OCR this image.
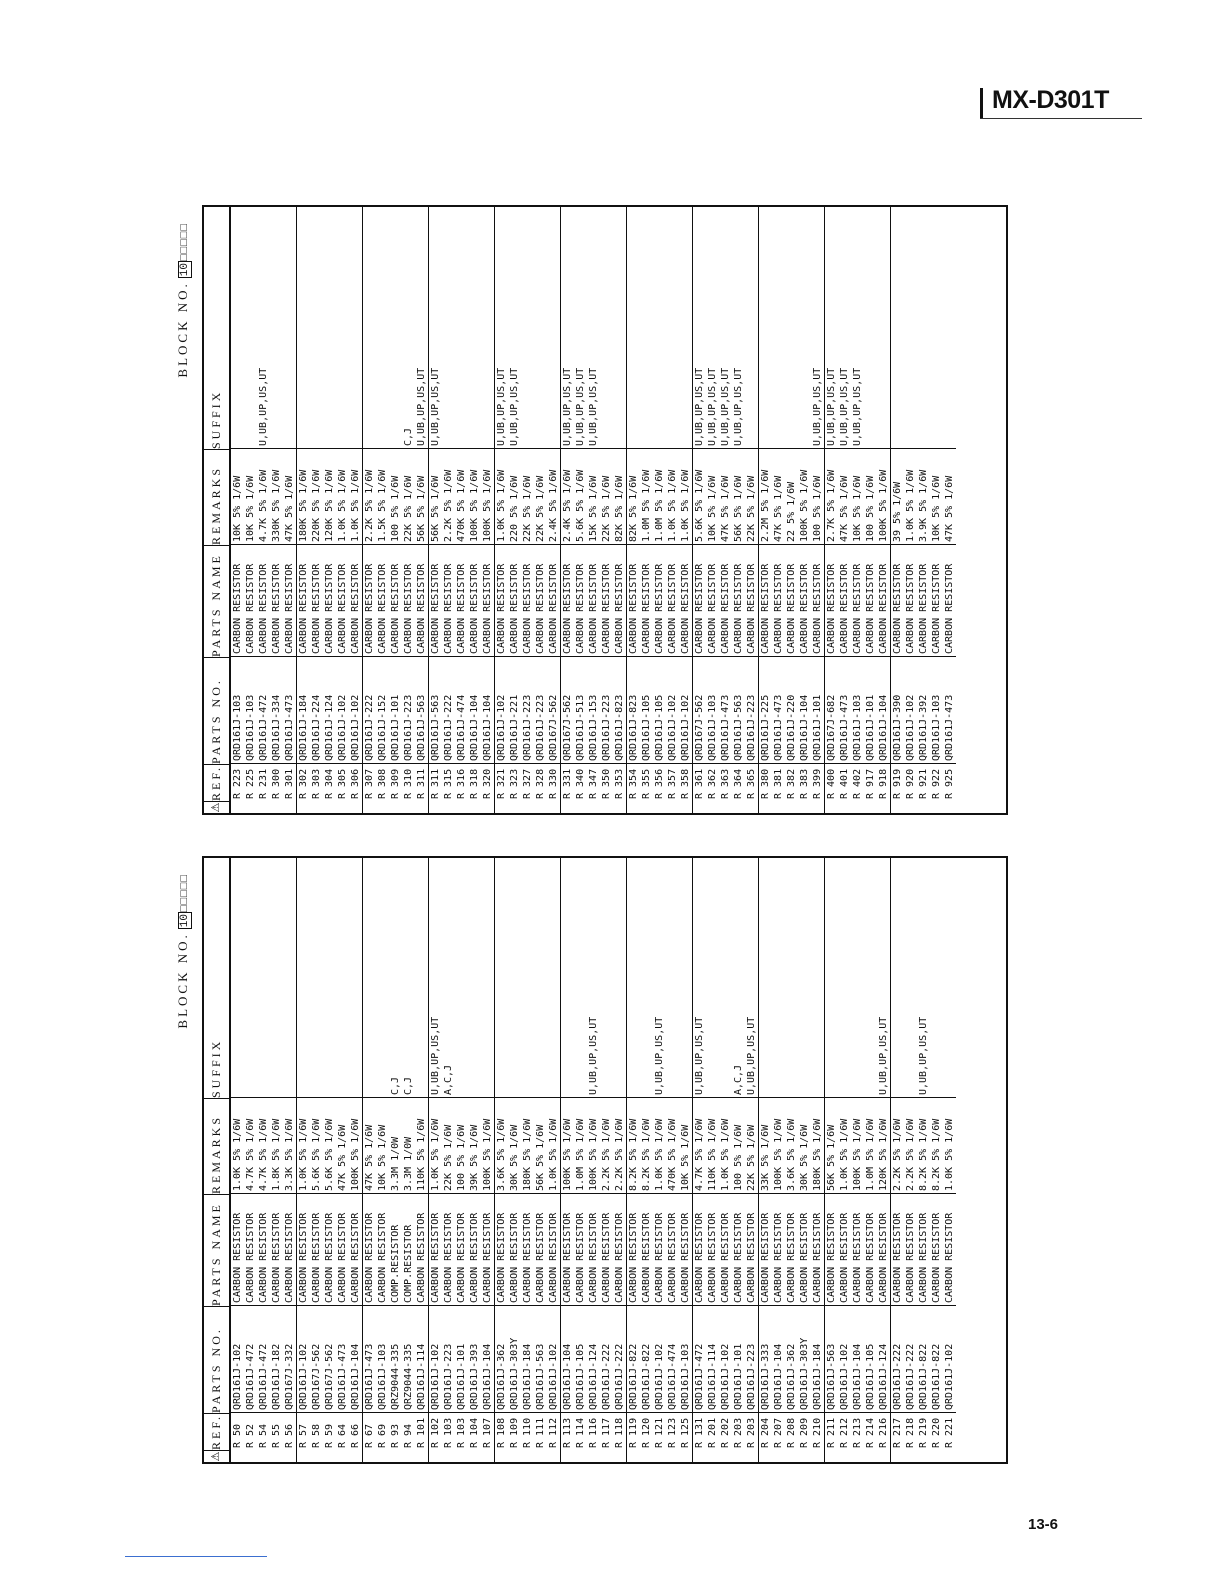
MX-D301T
BLOCK NO.10□□□□□
⚠
REF.
PARTS NO.
PARTS NAME
REMARKS
SUFFIX
R 50
QRD161J-102
CARBON RESISTOR
1.0K 5% 1/6W
R 52
QRD161J-472
CARBON RESISTOR
4.7K 5% 1/6W
R 54
QRD161J-472
CARBON RESISTOR
4.7K 5% 1/6W
R 55
QRD161J-182
CARBON RESISTOR
1.8K 5% 1/6W
R 56
QRD167J-332
CARBON RESISTOR
3.3K 5% 1/6W
R 57
QRD161J-102
CARBON RESISTOR
1.0K 5% 1/6W
R 58
QRD167J-562
CARBON RESISTOR
5.6K 5% 1/6W
R 59
QRD167J-562
CARBON RESISTOR
5.6K 5% 1/6W
R 64
QRD161J-473
CARBON RESISTOR
47K 5% 1/6W
R 66
QRD161J-104
CARBON RESISTOR
100K 5% 1/6W
R 67
QRD161J-473
CARBON RESISTOR
47K 5% 1/6W
R 69
QRD161J-103
CARBON RESISTOR
10K 5% 1/6W
R 93
QRZ9044-335
COMP.RESISTOR
3.3M 1/0W
C,J
R 94
QRZ9044-335
COMP.RESISTOR
3.3M 1/0W
C,J
R 101
QRD161J-114
CARBON RESISTOR
110K 5% 1/6W
R 102
QRD161J-102
CARBON RESISTOR
1.0K 5% 1/6W
U,UB,UP,US,UT
R 103
QRD161J-223
CARBON RESISTOR
22K 5% 1/6W
A,C,J
R 103
QRD161J-101
CARBON RESISTOR
100 5% 1/6W
R 104
QRD161J-393
CARBON RESISTOR
39K 5% 1/6W
R 107
QRD161J-104
CARBON RESISTOR
100K 5% 1/6W
R 108
QRD161J-362
CARBON RESISTOR
3.6K 5% 1/6W
R 109
QRD161J-303Y
CARBON RESISTOR
30K 5% 1/6W
R 110
QRD161J-184
CARBON RESISTOR
180K 5% 1/6W
R 111
QRD161J-563
CARBON RESISTOR
56K 5% 1/6W
R 112
QRD161J-102
CARBON RESISTOR
1.0K 5% 1/6W
R 113
QRD161J-104
CARBON RESISTOR
100K 5% 1/6W
R 114
QRD161J-105
CARBON RESISTOR
1.0M 5% 1/6W
R 116
QRD161J-124
CARBON RESISTOR
100K 5% 1/6W
U,UB,UP,US,UT
R 117
QRD161J-222
CARBON RESISTOR
2.2K 5% 1/6W
R 118
QRD161J-222
CARBON RESISTOR
2.2K 5% 1/6W
R 119
QRD161J-822
CARBON RESISTOR
8.2K 5% 1/6W
R 120
QRD161J-822
CARBON RESISTOR
8.2K 5% 1/6W
R 121
QRD161J-102
CARBON RESISTOR
1.0K 5% 1/6W
U,UB,UP,US,UT
R 123
QRD161J-474
CARBON RESISTOR
470K 5% 1/6W
R 125
QRD161J-103
CARBON RESISTOR
10K 5% 1/6W
R 131
QRD161J-472
CARBON RESISTOR
4.7K 5% 1/6W
U,UB,UP,US,UT
R 201
QRD161J-114
CARBON RESISTOR
110K 5% 1/6W
R 202
QRD161J-102
CARBON RESISTOR
1.0K 5% 1/6W
R 203
QRD161J-101
CARBON RESISTOR
100 5% 1/6W
A,C,J
R 203
QRD161J-223
CARBON RESISTOR
22K 5% 1/6W
U,UB,UP,US,UT
R 204
QRD161J-333
CARBON RESISTOR
33K 5% 1/6W
R 207
QRD161J-104
CARBON RESISTOR
100K 5% 1/6W
R 208
QRD161J-362
CARBON RESISTOR
3.6K 5% 1/6W
R 209
QRD161J-303Y
CARBON RESISTOR
30K 5% 1/6W
R 210
QRD161J-184
CARBON RESISTOR
180K 5% 1/6W
R 211
QRD161J-563
CARBON RESISTOR
56K 5% 1/6W
R 212
QRD161J-102
CARBON RESISTOR
1.0K 5% 1/6W
R 213
QRD161J-104
CARBON RESISTOR
100K 5% 1/6W
R 214
QRD161J-105
CARBON RESISTOR
1.0M 5% 1/6W
R 216
QRD161J-124
CARBON RESISTOR
120K 5% 1/6W
U,UB,UP,US,UT
R 217
QRD161J-222
CARBON RESISTOR
2.2K 5% 1/6W
R 218
QRD161J-222
CARBON RESISTOR
2.2K 5% 1/6W
R 219
QRD161J-822
CARBON RESISTOR
8.2K 5% 1/6W
U,UB,UP,US,UT
R 220
QRD161J-822
CARBON RESISTOR
8.2K 5% 1/6W
R 221
QRD161J-102
CARBON RESISTOR
1.0K 5% 1/6W
BLOCK NO.10□□□□□
⚠
REF.
PARTS NO.
PARTS NAME
REMARKS
SUFFIX
R 223
QRD161J-103
CARBON RESISTOR
10K 5% 1/6W
R 225
QRD161J-103
CARBON RESISTOR
10K 5% 1/6W
R 231
QRD161J-472
CARBON RESISTOR
4.7K 5% 1/6W
U,UB,UP,US,UT
R 300
QRD161J-334
CARBON RESISTOR
330K 5% 1/6W
R 301
QRD161J-473
CARBON RESISTOR
47K 5% 1/6W
R 302
QRD161J-184
CARBON RESISTOR
180K 5% 1/6W
R 303
QRD161J-224
CARBON RESISTOR
220K 5% 1/6W
R 304
QRD161J-124
CARBON RESISTOR
120K 5% 1/6W
R 305
QRD161J-102
CARBON RESISTOR
1.0K 5% 1/6W
R 306
QRD161J-102
CARBON RESISTOR
1.0K 5% 1/6W
R 307
QRD161J-222
CARBON RESISTOR
2.2K 5% 1/6W
R 308
QRD161J-152
CARBON RESISTOR
1.5K 5% 1/6W
R 309
QRD161J-101
CARBON RESISTOR
100 5% 1/6W
R 310
QRD161J-223
CARBON RESISTOR
22K 5% 1/6W
C,J
R 311
QRD161J-563
CARBON RESISTOR
56K 5% 1/6W
U,UB,UP,US,UT
R 311
QRD161J-563
CARBON RESISTOR
56K 5% 1/6W
U,UB,UP,US,UT
R 315
QRD161J-222
CARBON RESISTOR
2.2K 5% 1/6W
R 316
QRD161J-474
CARBON RESISTOR
470K 5% 1/6W
R 318
QRD161J-104
CARBON RESISTOR
100K 5% 1/6W
R 320
QRD161J-104
CARBON RESISTOR
100K 5% 1/6W
R 321
QRD161J-102
CARBON RESISTOR
1.0K 5% 1/6W
U,UB,UP,US,UT
R 323
QRD161J-221
CARBON RESISTOR
220 5% 1/6W
U,UB,UP,US,UT
R 327
QRD161J-223
CARBON RESISTOR
22K 5% 1/6W
R 328
QRD161J-223
CARBON RESISTOR
22K 5% 1/6W
R 330
QRD167J-562
CARBON RESISTOR
2.4K 5% 1/6W
R 331
QRD167J-562
CARBON RESISTOR
2.4K 5% 1/6W
U,UB,UP,US,UT
R 340
QRD161J-513
CARBON RESISTOR
5.6K 5% 1/6W
U,UB,UP,US,UT
R 347
QRD161J-153
CARBON RESISTOR
15K 5% 1/6W
U,UB,UP,US,UT
R 350
QRD161J-223
CARBON RESISTOR
22K 5% 1/6W
R 353
QRD161J-823
CARBON RESISTOR
82K 5% 1/6W
R 354
QRD161J-823
CARBON RESISTOR
82K 5% 1/6W
R 355
QRD161J-105
CARBON RESISTOR
1.0M 5% 1/6W
R 356
QRD161J-105
CARBON RESISTOR
1.0M 5% 1/6W
R 357
QRD161J-102
CARBON RESISTOR
1.0K 5% 1/6W
R 358
QRD161J-102
CARBON RESISTOR
1.0K 5% 1/6W
R 361
QRD167J-562
CARBON RESISTOR
5.6K 5% 1/6W
U,UB,UP,US,UT
R 362
QRD161J-103
CARBON RESISTOR
10K 5% 1/6W
U,UB,UP,US,UT
R 363
QRD161J-473
CARBON RESISTOR
47K 5% 1/6W
U,UB,UP,US,UT
R 364
QRD161J-563
CARBON RESISTOR
56K 5% 1/6W
U,UB,UP,US,UT
R 365
QRD161J-223
CARBON RESISTOR
22K 5% 1/6W
R 380
QRD161J-225
CARBON RESISTOR
2.2M 5% 1/6W
R 381
QRD161J-473
CARBON RESISTOR
47K 5% 1/6W
R 382
QRD161J-220
CARBON RESISTOR
22 5% 1/6W
R 383
QRD161J-104
CARBON RESISTOR
100K 5% 1/6W
R 399
QRD161J-101
CARBON RESISTOR
100 5% 1/6W
U,UB,UP,US,UT
R 400
QRD167J-682
CARBON RESISTOR
2.7K 5% 1/6W
U,UB,UP,US,UT
R 401
QRD161J-473
CARBON RESISTOR
47K 5% 1/6W
U,UB,UP,US,UT
R 402
QRD161J-103
CARBON RESISTOR
10K 5% 1/6W
U,UB,UP,US,UT
R 917
QRD161J-101
CARBON RESISTOR
100 5% 1/6W
R 918
QRD161J-104
CARBON RESISTOR
100K 5% 1/6W
R 919
QRD161J-390
CARBON RESISTOR
39 5% 1/6W
R 920
QRD161J-102
CARBON RESISTOR
1.0K 5% 1/6W
R 921
QRD161J-392
CARBON RESISTOR
3.9K 5% 1/6W
R 922
QRD161J-103
CARBON RESISTOR
10K 5% 1/6W
R 925
QRD161J-473
CARBON RESISTOR
47K 5% 1/6W
13-6
